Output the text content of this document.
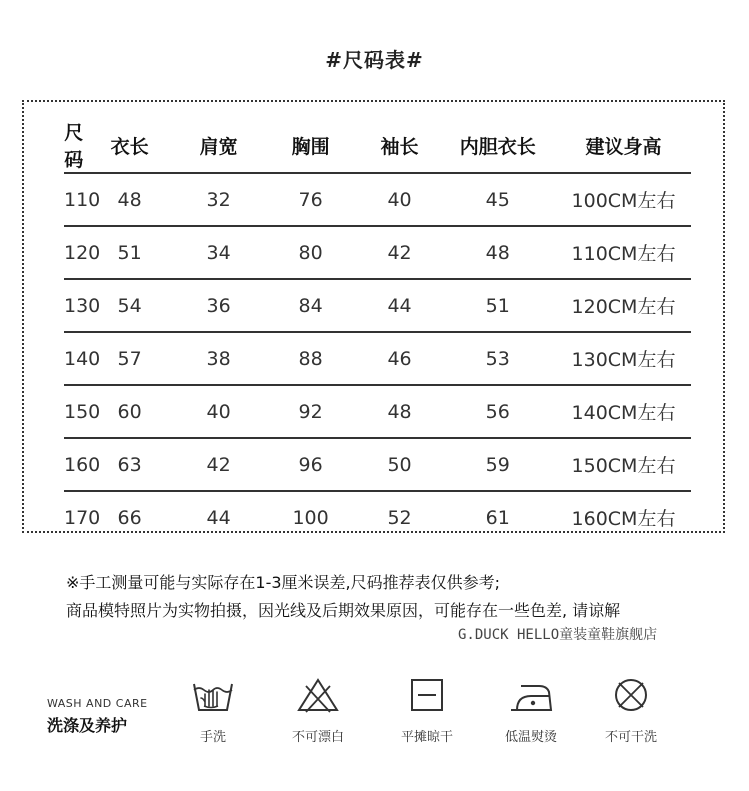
#尺码表#
尺码	衣长	肩宽	胸围	袖长	内胆衣长	建议身高
110	48	32	76	40	45	100CM左右
120	51	34	80	42	48	110CM左右
130	54	36	84	44	51	120CM左右
140	57	38	88	46	53	130CM左右
150	60	40	92	48	56	140CM左右
160	63	42	96	50	59	150CM左右
170	66	44	100	52	61	160CM左右
※手工测量可能与实际存在1-3厘米误差,尺码推荐表仅供参考;
商品模特照片为实物拍摄，因光线及后期效果原因，可能存在一些色差, 请谅解
G.DUCK HELLO童装童鞋旗舰店
WASH AND CARE
洗涤及养护
手洗	不可漂白	平摊晾干	低温熨烫	不可干洗
